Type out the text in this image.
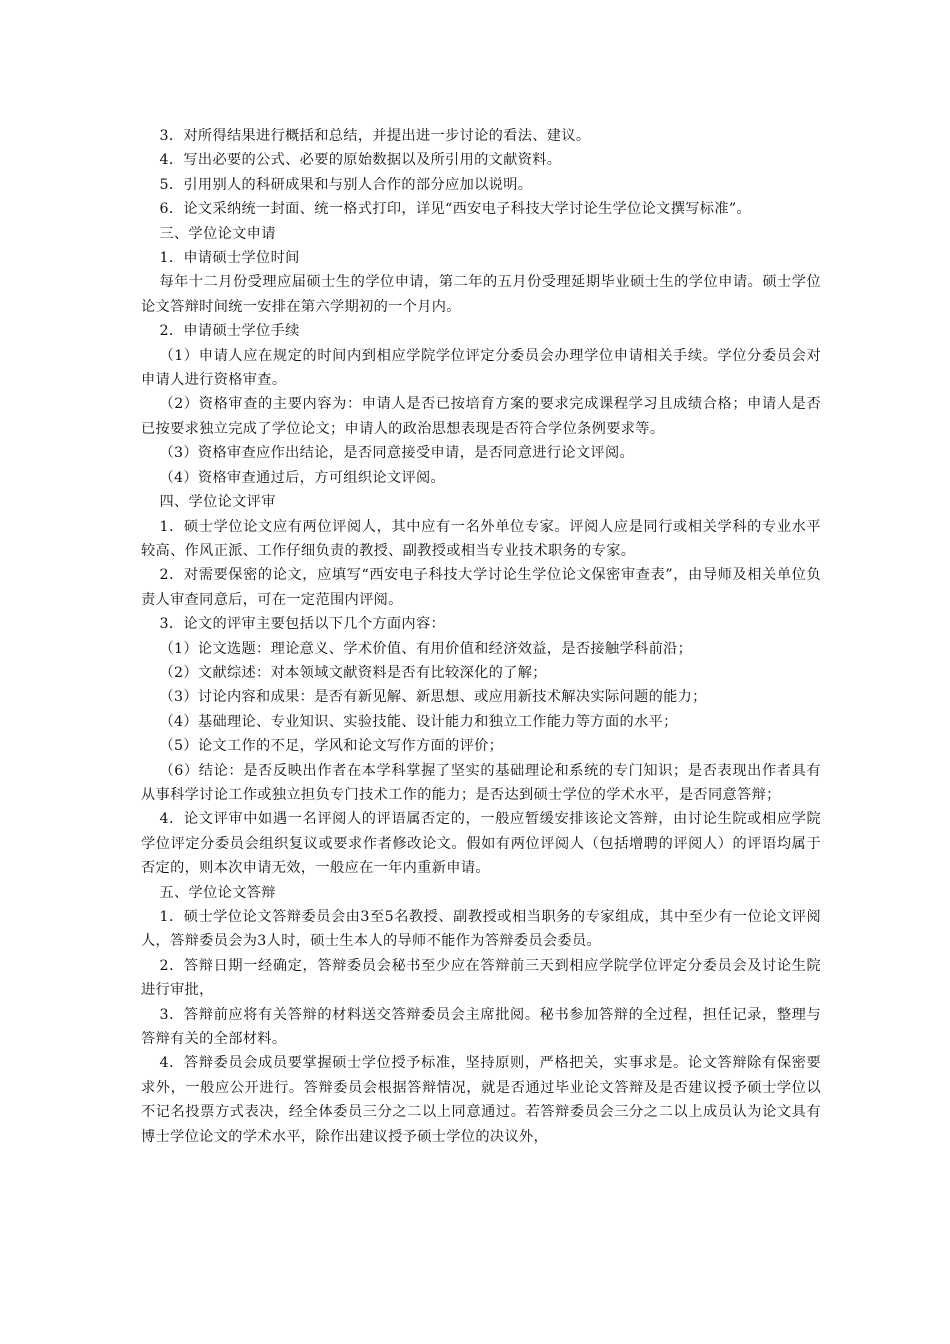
3．对所得结果进行概括和总结，并提出进一步讨论的看法、建议。

4．写出必要的公式、必要的原始数据以及所引用的文献资料。

5．引用别人的科研成果和与别人合作的部分应加以说明。

6．论文采纳统一封面、统一格式打印，详见“西安电子科技大学讨论生学位论文撰写标准”。

三、学位论文申请

1．申请硕士学位时间

每年十二月份受理应届硕士生的学位申请，第二年的五月份受理延期毕业硕士生的学位申请。硕士学位论文答辩时间统一安排在第六学期初的一个月内。

2．申请硕士学位手续

（1）申请人应在规定的时间内到相应学院学位评定分委员会办理学位申请相关手续。学位分委员会对申请人进行资格审查。

（2）资格审查的主要内容为：申请人是否已按培育方案的要求完成课程学习且成绩合格；申请人是否已按要求独立完成了学位论文；申请人的政治思想表现是否符合学位条例要求等。

（3）资格审查应作出结论，是否同意接受申请，是否同意进行论文评阅。

（4）资格审查通过后，方可组织论文评阅。

四、学位论文评审

1．硕士学位论文应有两位评阅人，其中应有一名外单位专家。评阅人应是同行或相关学科的专业水平较高、作风正派、工作仔细负责的教授、副教授或相当专业技术职务的专家。

2．对需要保密的论文，应填写“西安电子科技大学讨论生学位论文保密审查表”，由导师及相关单位负责人审查同意后，可在一定范围内评阅。

3．论文的评审主要包括以下几个方面内容：

（1）论文选题：理论意义、学术价值、有用价值和经济效益，是否接触学科前沿；

（2）文献综述：对本领域文献资料是否有比较深化的了解；

（3）讨论内容和成果：是否有新见解、新思想、或应用新技术解决实际问题的能力；

（4）基础理论、专业知识、实验技能、设计能力和独立工作能力等方面的水平；

（5）论文工作的不足，学风和论文写作方面的评价；

（6）结论：是否反映出作者在本学科掌握了坚实的基础理论和系统的专门知识；是否表现出作者具有从事科学讨论工作或独立担负专门技术工作的能力；是否达到硕士学位的学术水平，是否同意答辩；

4．论文评审中如遇一名评阅人的评语属否定的，一般应暂缓安排该论文答辩，由讨论生院或相应学院学位评定分委员会组织复议或要求作者修改论文。假如有两位评阅人（包括增聘的评阅人）的评语均属于否定的，则本次申请无效，一般应在一年内重新申请。

五、学位论文答辩

1．硕士学位论文答辩委员会由3至5名教授、副教授或相当职务的专家组成，其中至少有一位论文评阅人，答辩委员会为3人时，硕士生本人的导师不能作为答辩委员会委员。

2．答辩日期一经确定，答辩委员会秘书至少应在答辩前三天到相应学院学位评定分委员会及讨论生院进行审批，

3．答辩前应将有关答辩的材料送交答辩委员会主席批阅。秘书参加答辩的全过程，担任记录，整理与答辩有关的全部材料。

4．答辩委员会成员要掌握硕士学位授予标准，坚持原则，严格把关，实事求是。论文答辩除有保密要求外，一般应公开进行。答辩委员会根据答辩情况，就是否通过毕业论文答辩及是否建议授予硕士学位以不记名投票方式表决，经全体委员三分之二以上同意通过。若答辩委员会三分之二以上成员认为论文具有博士学位论文的学术水平，除作出建议授予硕士学位的决议外，
